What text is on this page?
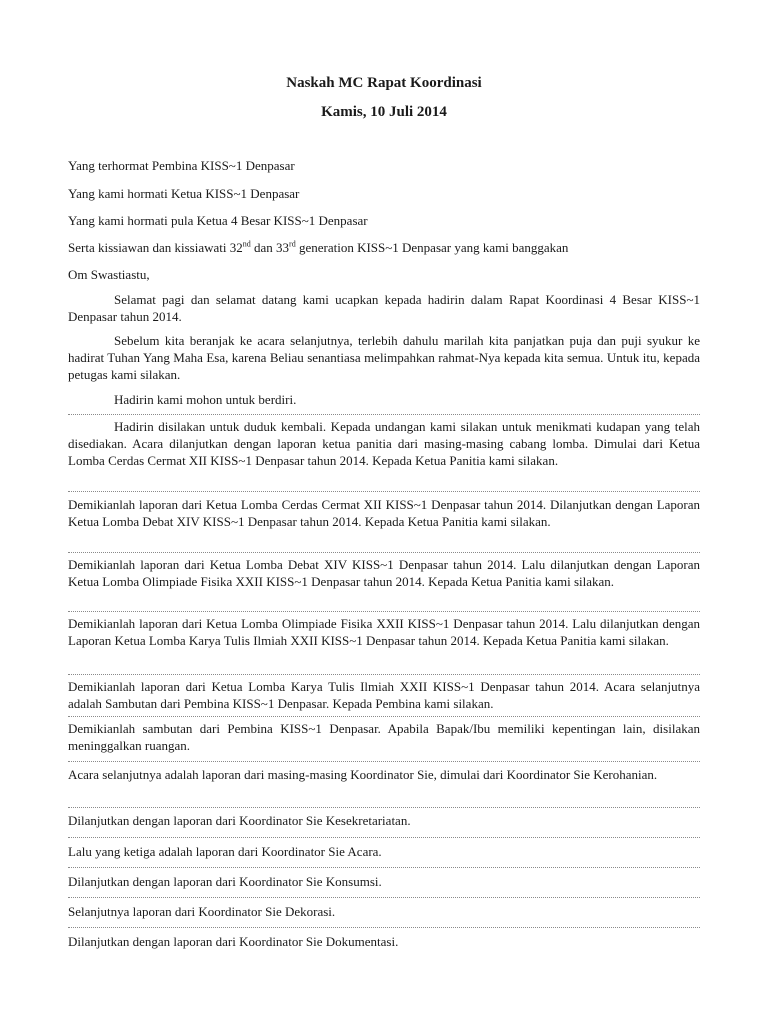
Naskah MC Rapat Koordinasi
Kamis, 10 Juli 2014
Yang terhormat Pembina KISS~1 Denpasar
Yang kami hormati Ketua KISS~1 Denpasar
Yang kami hormati pula Ketua 4 Besar KISS~1 Denpasar
Serta kissiawan dan kissiawati 32nd dan 33rd generation KISS~1 Denpasar yang kami banggakan
Om Swastiastu,
Selamat pagi dan selamat datang kami ucapkan kepada hadirin dalam Rapat Koordinasi 4 Besar KISS~1 Denpasar tahun 2014.
Sebelum kita beranjak ke acara selanjutnya, terlebih dahulu marilah kita panjatkan puja dan puji syukur ke hadirat Tuhan Yang Maha Esa, karena Beliau senantiasa melimpahkan rahmat-Nya kepada kita semua. Untuk itu, kepada petugas kami silakan.
Hadirin kami mohon untuk berdiri.
Hadirin disilakan untuk duduk kembali. Kepada undangan kami silakan untuk menikmati kudapan yang telah disediakan. Acara dilanjutkan dengan laporan ketua panitia dari masing-masing cabang lomba. Dimulai dari Ketua Lomba Cerdas Cermat XII KISS~1 Denpasar tahun 2014. Kepada Ketua Panitia kami silakan.
Demikianlah laporan dari Ketua Lomba Cerdas Cermat XII KISS~1 Denpasar tahun 2014. Dilanjutkan dengan Laporan Ketua Lomba Debat XIV KISS~1 Denpasar tahun 2014. Kepada Ketua Panitia kami silakan.
Demikianlah laporan dari Ketua Lomba Debat XIV KISS~1 Denpasar tahun 2014. Lalu dilanjutkan dengan Laporan Ketua Lomba Olimpiade Fisika XXII KISS~1 Denpasar tahun 2014. Kepada Ketua Panitia kami silakan.
Demikianlah laporan dari Ketua Lomba Olimpiade Fisika XXII KISS~1 Denpasar tahun 2014. Lalu dilanjutkan dengan Laporan Ketua Lomba Karya Tulis Ilmiah XXII KISS~1 Denpasar tahun 2014. Kepada Ketua Panitia kami silakan.
Demikianlah laporan dari Ketua Lomba Karya Tulis Ilmiah XXII KISS~1 Denpasar tahun 2014. Acara selanjutnya adalah Sambutan dari Pembina KISS~1 Denpasar. Kepada Pembina kami silakan.
Demikianlah sambutan dari Pembina KISS~1 Denpasar. Apabila Bapak/Ibu memiliki kepentingan lain, disilakan meninggalkan ruangan.
Acara selanjutnya adalah laporan dari masing-masing Koordinator Sie, dimulai dari Koordinator Sie Kerohanian.
Dilanjutkan dengan laporan dari Koordinator Sie Kesekretariatan.
Lalu yang ketiga adalah laporan dari Koordinator Sie Acara.
Dilanjutkan dengan laporan dari Koordinator Sie Konsumsi.
Selanjutnya laporan dari Koordinator Sie Dekorasi.
Dilanjutkan dengan laporan dari Koordinator Sie Dokumentasi.
